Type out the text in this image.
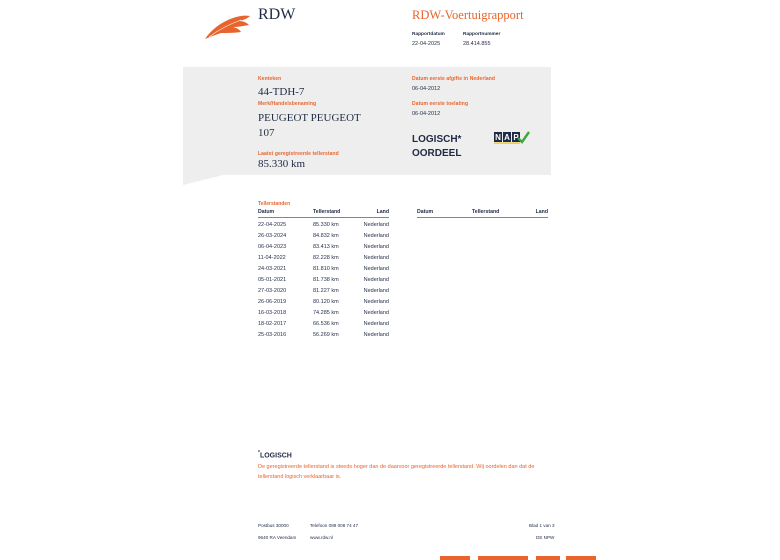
RDW	RDW-Voertuigrapport
Rapportdatum
22-04-2025
Rapportnummer
28.414.855
Kenteken
44-TDH-7
Merk/Handelsbenaming
PEUGEOT PEUGEOT 107
Laatst geregistreerde tellerstand
85.330 km
Datum eerste afgifte in Nederland
06-04-2012
Datum eerste toelating
06-04-2012
LOGISCH*
OORDEEL
N A P
Tellerstanden
Datum	Tellerstand	Land	Datum	Tellerstand	Land
22-04-2025	85.330 km	Nederland
26-03-2024	84.832 km	Nederland
06-04-2023	83.413 km	Nederland
11-04-2022	82.228 km	Nederland
24-03-2021	81.810 km	Nederland
05-01-2021	81.738 km	Nederland
27-03-2020	81.227 km	Nederland
26-06-2019	80.120 km	Nederland
16-03-2018	74.285 km	Nederland
18-02-2017	66.536 km	Nederland
25-03-2016	56.269 km	Nederland
*LOGISCH
De geregistreerde tellerstand is steeds hoger dan de daarvoor geregistreerde tellerstand. Wij oordelen dan dat de tellerstand logisch verklaarbaar is.
Postbus 30000
9640 RA Veendam
Telefoon 088 008 74 47
www.rdw.nl
Blad 1 van 3
DE NPW
